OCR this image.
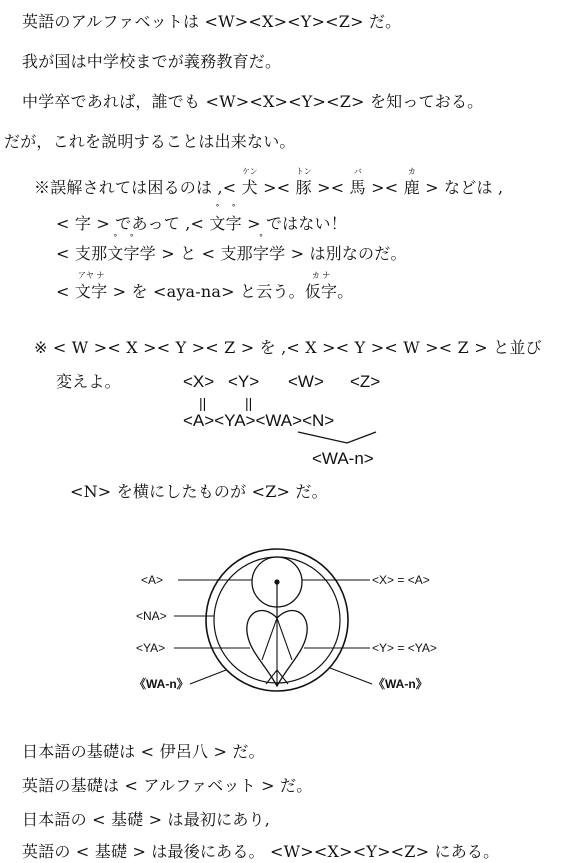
英語のアルファベットは <W><X><Y><Z> だ。
我が国は中学校までが義務教育だ。
中学卒であれば，誰でも <W><X><Y><Z> を知っておる。
だが，これを説明することは出来ない。
※誤解されては困るのは ,<
ケン
犬 ><
トン
豚 ><
バ
馬 ><
カ
鹿 > などは ,
< 字 > であって ,<
°
文
°
字 > ではない！
< 支那
°
文
°
字学 > と < 支那
°
字学 > は別なのだ。
<
アヤ ナ
文字 > を <aya-na> と云う。
カ ナ
仮字。
※ < W >< X >< Y >< Z > を ,< X >< Y >< W >< Z > と並び
変えよ。	<X> <Y> <W> <Z>
||	||
<A><YA><WA><N>
<WA-n>
<N> を横にしたものが <Z> だ。
<A>
<NA>
<YA>
《WA-n》
<X> = <A>
<Y> = <YA>
《WA-n》
日本語の基礎は < 伊呂八 > だ。
英語の基礎は < アルファベット > だ。
日本語の < 基礎 > は最初にあり,
英語の < 基礎 > は最後にある。 <W><X><Y><Z> にある。
